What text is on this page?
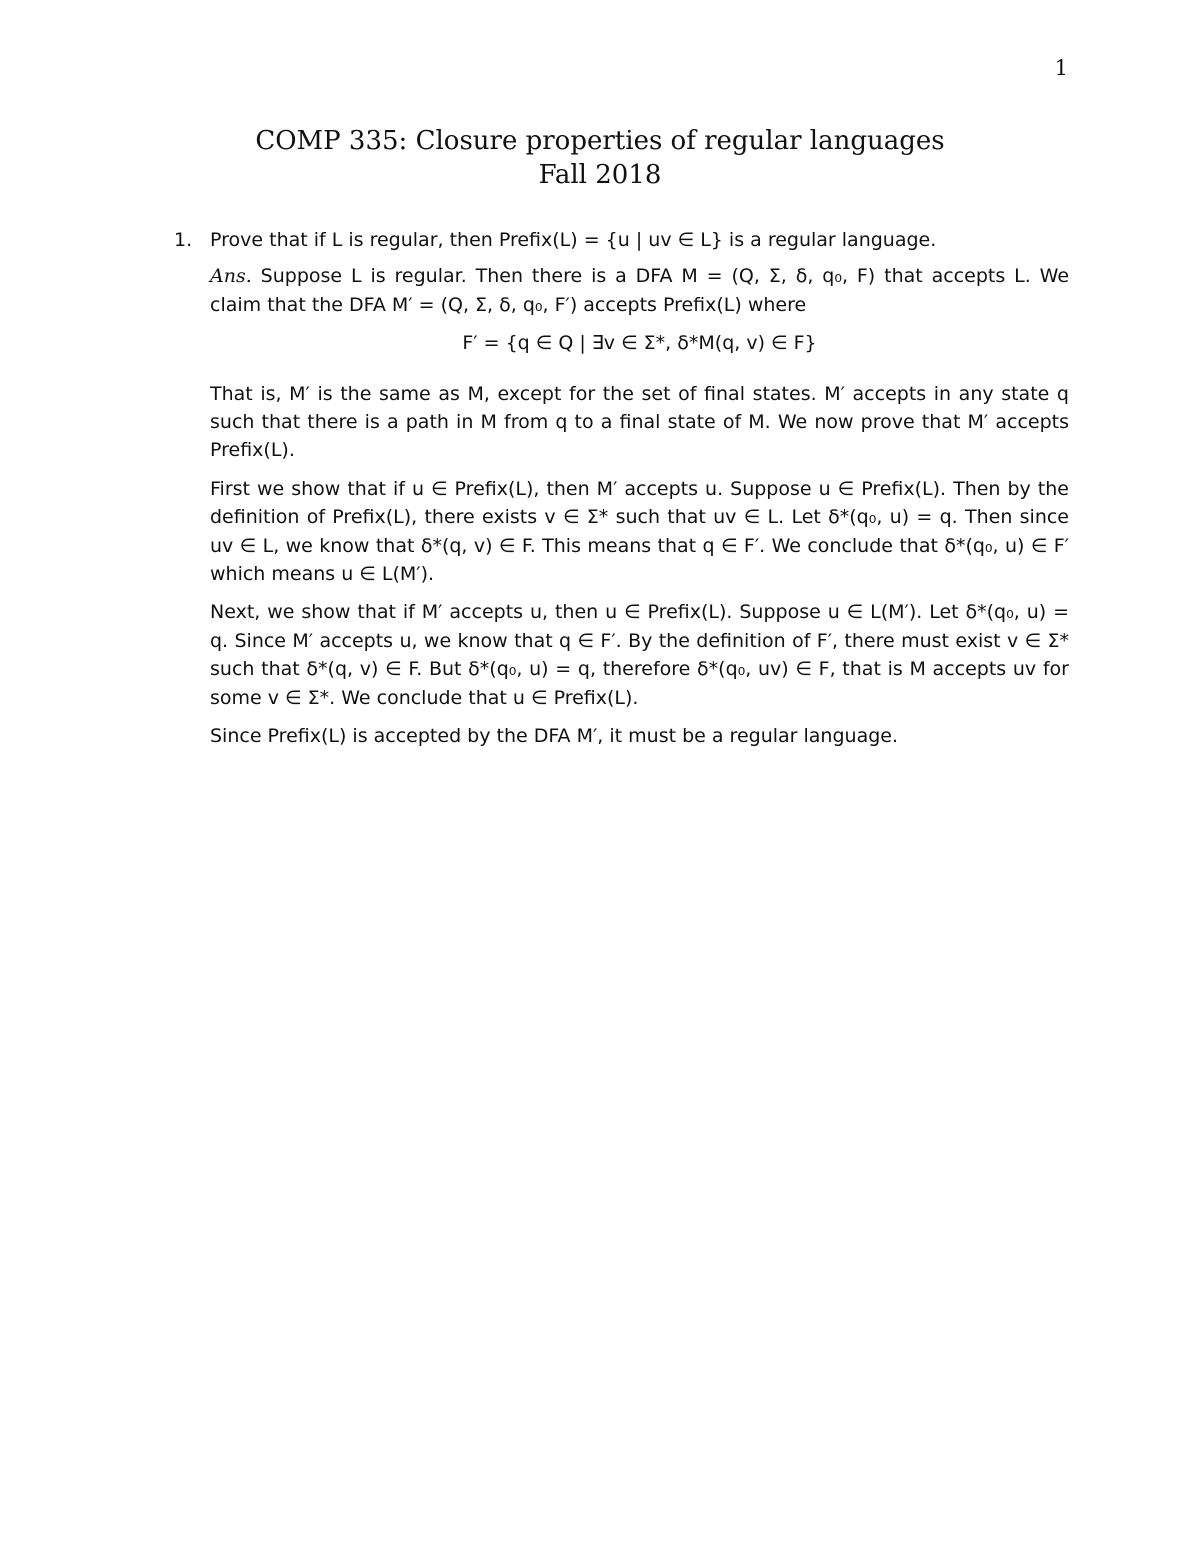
1
COMP 335: Closure properties of regular languages
Fall 2018
1. Prove that if L is regular, then Prefix(L) = {u | uv ∈ L} is a regular language.

Ans. Suppose L is regular. Then there is a DFA M = (Q, Σ, δ, q₀, F) that accepts L. We claim that the DFA M′ = (Q, Σ, δ, q₀, F′) accepts Prefix(L) where

F′ = {q ∈ Q | ∃v ∈ Σ*, δ*M(q, v) ∈ F}

That is, M′ is the same as M, except for the set of final states. M′ accepts in any state q such that there is a path in M from q to a final state of M. We now prove that M′ accepts Prefix(L).

First we show that if u ∈ Prefix(L), then M′ accepts u. Suppose u ∈ Prefix(L). Then by the definition of Prefix(L), there exists v ∈ Σ* such that uv ∈ L. Let δ*(q₀, u) = q. Then since uv ∈ L, we know that δ*(q, v) ∈ F. This means that q ∈ F′. We conclude that δ*(q₀, u) ∈ F′ which means u ∈ L(M′).

Next, we show that if M′ accepts u, then u ∈ Prefix(L). Suppose u ∈ L(M′). Let δ*(q₀, u) = q. Since M′ accepts u, we know that q ∈ F′. By the definition of F′, there must exist v ∈ Σ* such that δ*(q, v) ∈ F. But δ*(q₀, u) = q, therefore δ*(q₀, uv) ∈ F, that is M accepts uv for some v ∈ Σ*. We conclude that u ∈ Prefix(L).

Since Prefix(L) is accepted by the DFA M′, it must be a regular language.
